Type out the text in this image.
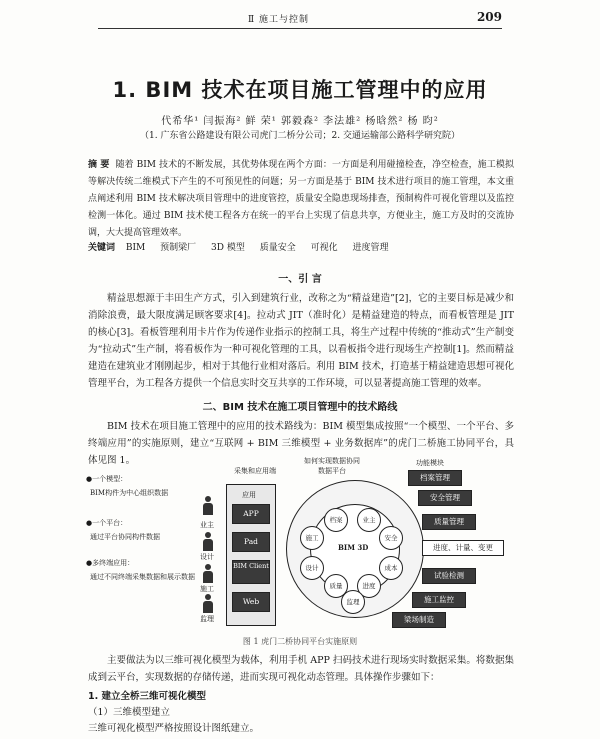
Ⅱ 施工与控制	209
1. BIM 技术在项目施工管理中的应用
代希华¹ 闫振海² 鲜 荣¹ 郭毅森² 李法雄² 杨晗然² 杨 昀²
（1. 广东省公路建设有限公司虎门二桥分公司；2. 交通运输部公路科学研究院）
摘 要 随着 BIM 技术的不断发展，其优势体现在两个方面：一方面是利用碰撞检查，净空检查，施工模拟等解决传统二维模式下产生的不可预见性的问题；另一方面是基于 BIM 技术进行项目的施工管理，本文重点阐述利用 BIM 技术解决项目管理中的进度管控，质量安全隐患现场排查，预制构件可视化管理以及监控检测一体化。通过 BIM 技术使工程各方在统一的平台上实现了信息共享，方便业主，施工方及时的交流协调，大大提高管理效率。
关键词 BIM 预制梁厂 3D 模型 质量安全 可视化 进度管理
一、引 言
精益思想源于丰田生产方式，引入到建筑行业，改称之为“精益建造”[2]，它的主要目标是减少和消除浪费，最大限度满足顾客要求[4]。拉动式 JIT（准时化）是精益建造的特点，而看板管理是 JIT 的核心[3]。看板管理利用卡片作为传递作业指示的控制工具，将生产过程中传统的“推动式”生产制变为“拉动式”生产制，将看板作为一种可视化管理的工具，以看板指令进行现场生产控制[1]。然而精益建造在建筑业才刚刚起步，相对于其他行业相对落后。利用 BIM 技术，打造基于精益建造思想可视化管理平台，为工程各方提供一个信息实时交互共享的工作环境，可以显著提高施工管理的效率。
二、BIM 技术在施工项目管理中的技术路线
BIM 技术在项目施工管理中的应用的技术路线为：BIM 模型集成按照“一个模型、一个平台、多终端应用”的实施原则，建立“互联网 + BIM 三维模型 + 业务数据库”的虎门二桥施工协同平台，具体见图 1。
●一个模型：
BIM构件为中心组织数据
●一个平台：
通过平台协同构件数据
●多终端应用：
通过不同终端采集数据和展示数据
采集和应用端
如何实现数据协同
数据平台
功能模块
业主
设计
施工
监理
应用
APP
Pad
BIM Client
Web
BIM 3D
档案	业主
安全
成本
进度
质量
设计
施工
监理
档案管理
安全管理
质量管理
进度、计量、变更
试验检测
施工监控
梁场制造
图 1 虎门二桥协同平台实施原则
主要做法为以三维可视化模型为载体，利用手机 APP 扫码技术进行现场实时数据采集。将数据集成到云平台，实现数据的存储传递，进而实现可视化动态管理。具体操作步骤如下：
1. 建立全桥三维可视化模型
（1）三维模型建立
三维可视化模型严格按照设计图纸建立。
